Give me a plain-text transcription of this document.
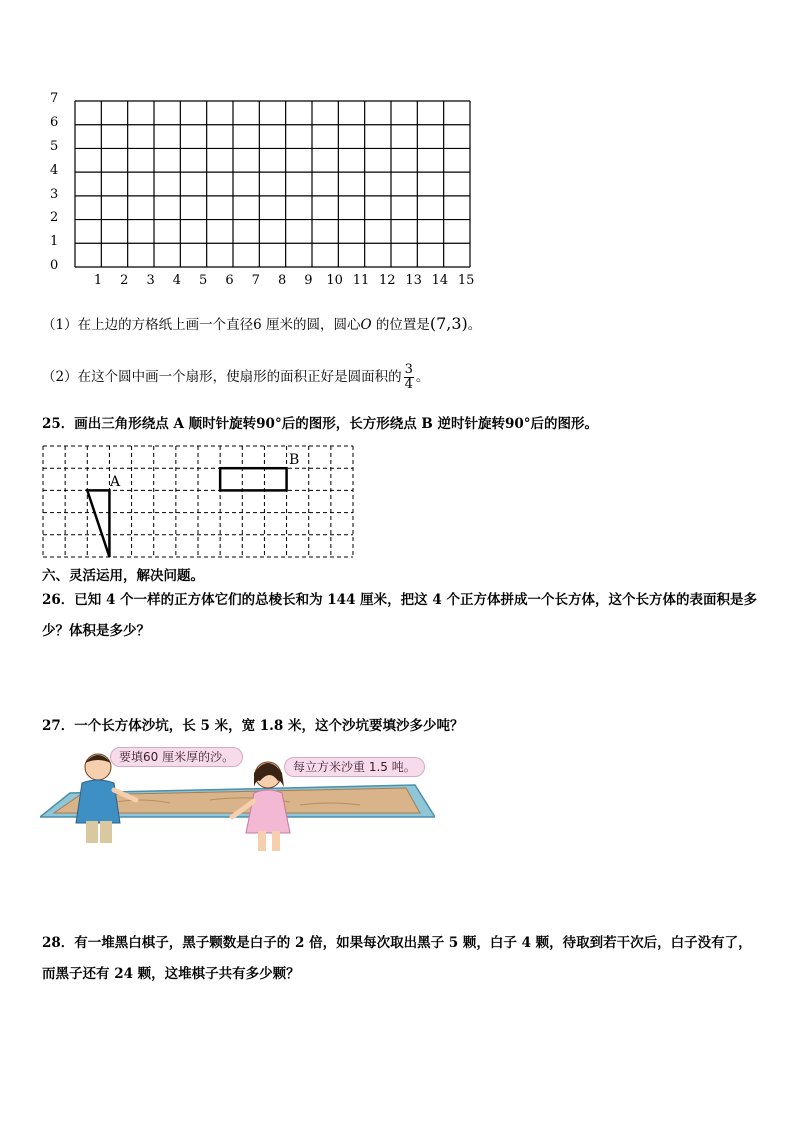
0
1
2
3
4
5
6
7
1	2	3	4	5	6	7	8	9	10 11 12 13 14 15
（1）在上边的方格纸上画一个直径6 厘米的圆，圆心O 的位置是(7,3)。
（2）在这个圆中画一个扇形，使扇形的面积正好是圆面积的 $\frac{3}{4}$ 。
25．画出三角形绕点 A 顺时针旋转90°后的图形，长方形绕点 B 逆时针旋转90°后的图形。
A
B
六、灵活运用，解决问题。
26．已知 4 个一样的正方体它们的总棱长和为 144 厘米，把这 4 个正方体拼成一个长方体，这个长方体的表面积是多
少？体积是多少？
27．一个长方体沙坑，长 5 米，宽 1.8 米，这个沙坑要填沙多少吨？
要填60 厘米厚的沙。
每立方米沙重 1.5 吨。
28．有一堆黑白棋子，黑子颗数是白子的 2 倍，如果每次取出黑子 5 颗，白子 4 颗，待取到若干次后，白子没有了，
而黑子还有 24 颗，这堆棋子共有多少颗？
